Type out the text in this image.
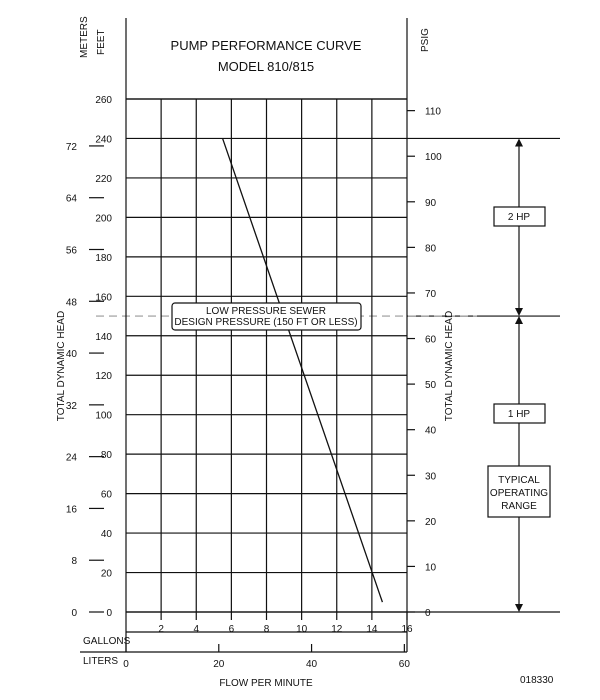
110
100
90
80
70
60
50
40
30
20
10
0
72
64
56
48
40
32
24
16
8
0
60
40
20
0
16
14
12
10
8
6
4
2
260
240
220
200
180
160
140
120
100
80
60
40
20
0
PUMP PERFORMANCE CURVE
MODEL 810/815
METERS FEET	PSIG
TOTAL DYNAMIC HEAD	TOTAL DYNAMIC HEAD
GALLONS
LITERS
FLOW PER MINUTE
LOW PRESSURE SEWER
DESIGN PRESSURE (150 FT OR LESS)
2 HP
1 HP
TYPICAL
OPERATING
RANGE
018330
